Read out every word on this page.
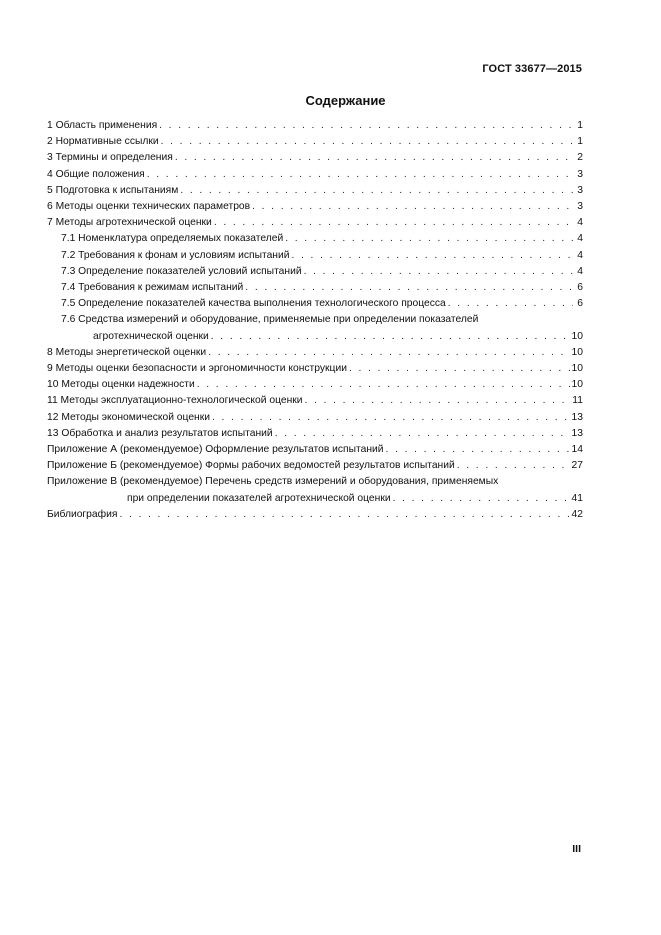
ГОСТ 33677—2015
Содержание
1 Область применения . . .	1
2 Нормативные ссылки . . .	1
3 Термины и определения . . .	2
4 Общие положения . . .	3
5 Подготовка к испытаниям . . .	3
6 Методы оценки технических параметров . . .	3
7 Методы агротехнической оценки . . .	4
7.1 Номенклатура определяемых показателей . . .	4
7.2 Требования к фонам и условиям испытаний . . .	4
7.3 Определение показателей условий испытаний . . .	4
7.4 Требования к режимам испытаний . . .	6
7.5 Определение показателей качества выполнения технологического процесса . . .	6
7.6 Средства измерений и оборудование, применяемые при определении показателей
агротехнической оценки . . .	10
8 Методы энергетической оценки . . .	10
9 Методы оценки безопасности и эргономичности конструкции . . .	10
10 Методы оценки надежности . . .	10
11 Методы эксплуатационно-технологической оценки . . .	11
12 Методы экономической оценки . . .	13
13 Обработка и анализ результатов испытаний . . .	13
Приложение А (рекомендуемое) Оформление результатов испытаний . . .	14
Приложение Б (рекомендуемое) Формы рабочих ведомостей результатов испытаний . . .	27
Приложение В (рекомендуемое) Перечень средств измерений и оборудования, применяемых
при определении показателей агротехнической оценки . . .	41
Библиография . . .	42
III
